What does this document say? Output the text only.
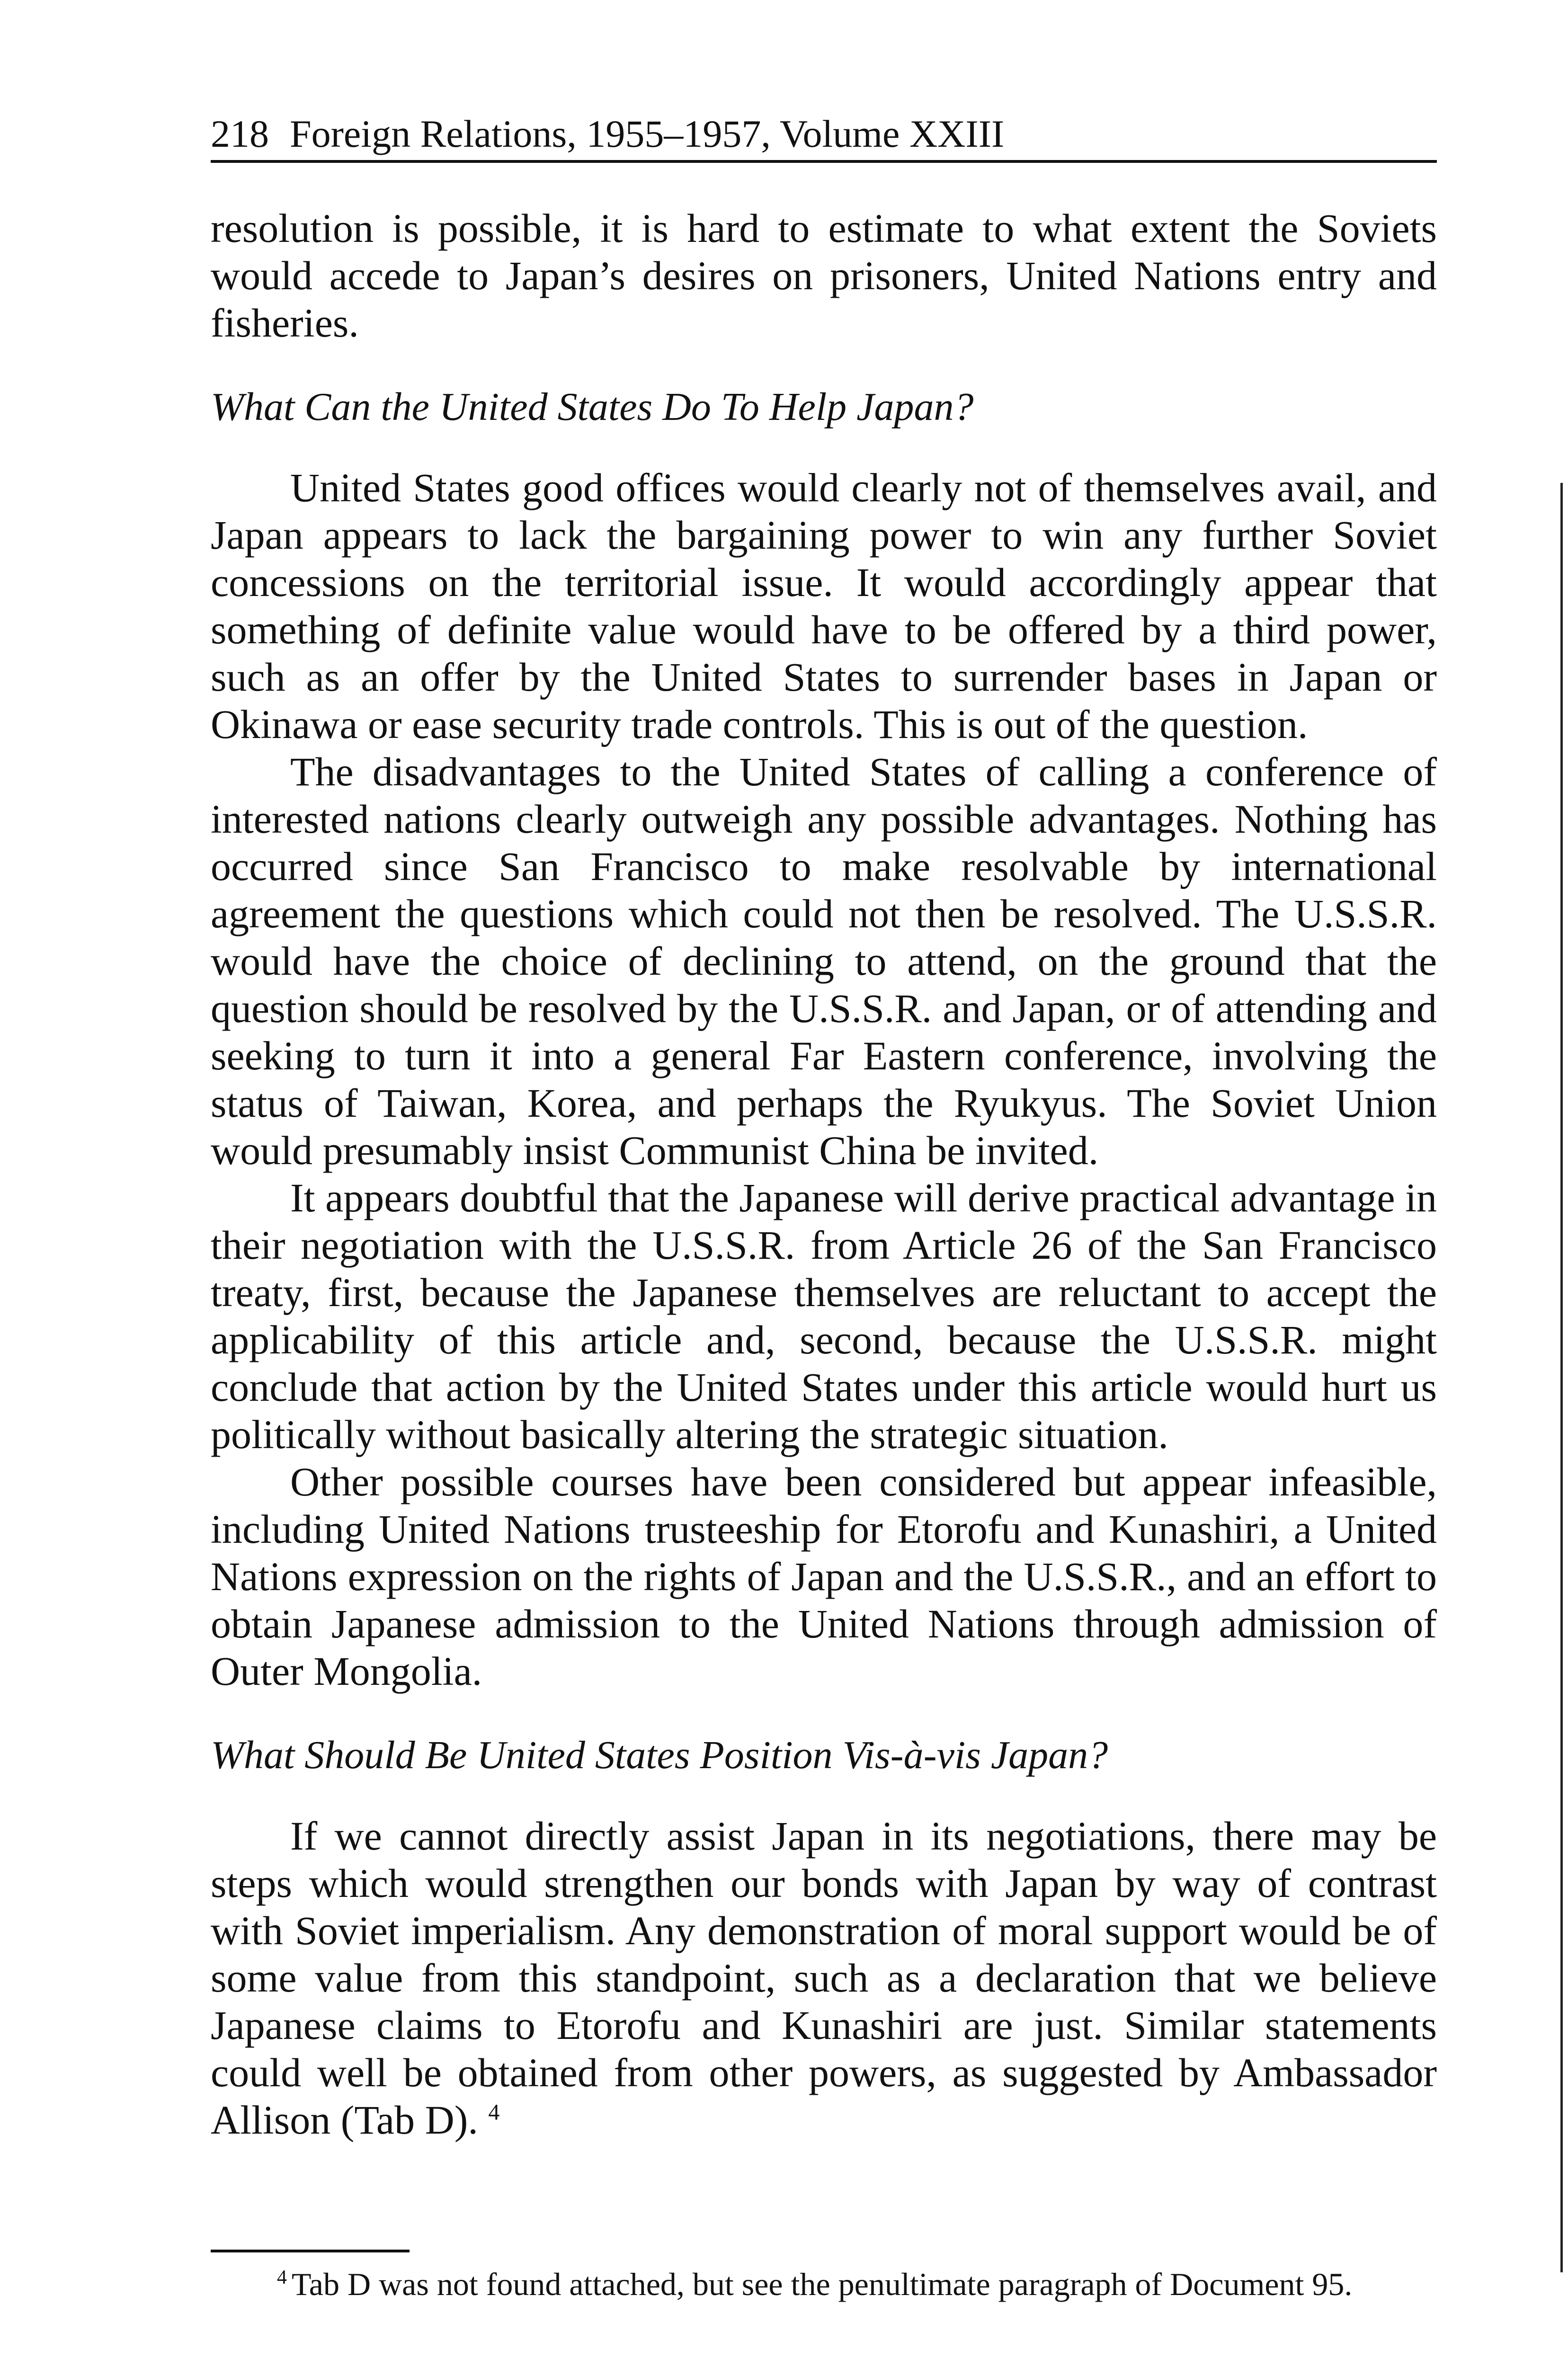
218 Foreign Relations, 1955–1957, Volume XXIII

resolution is possible, it is hard to estimate to what extent the Soviets would accede to Japan’s desires on prisoners, United Nations entry and fisheries.

What Can the United States Do To Help Japan?

United States good offices would clearly not of themselves avail, and Japan appears to lack the bargaining power to win any further Soviet concessions on the territorial issue. It would accordingly appear that something of definite value would have to be offered by a third power, such as an offer by the United States to surrender bases in Japan or Okinawa or ease security trade controls. This is out of the question.

The disadvantages to the United States of calling a conference of interested nations clearly outweigh any possible advantages. Nothing has occurred since San Francisco to make resolvable by international agreement the questions which could not then be resolved. The U.S.S.R. would have the choice of declining to attend, on the ground that the question should be resolved by the U.S.S.R. and Japan, or of attending and seeking to turn it into a general Far Eastern conference, involving the status of Taiwan, Korea, and perhaps the Ryukyus. The Soviet Union would presumably insist Communist China be invited.

It appears doubtful that the Japanese will derive practical advantage in their negotiation with the U.S.S.R. from Article 26 of the San Francisco treaty, first, because the Japanese themselves are reluctant to accept the applicability of this article and, second, because the U.S.S.R. might conclude that action by the United States under this article would hurt us politically without basically altering the strategic situation.

Other possible courses have been considered but appear infeasible, including United Nations trusteeship for Etorofu and Kunashiri, a United Nations expression on the rights of Japan and the U.S.S.R., and an effort to obtain Japanese admission to the United Nations through admission of Outer Mongolia.

What Should Be United States Position Vis-à-vis Japan?

If we cannot directly assist Japan in its negotiations, there may be steps which would strengthen our bonds with Japan by way of contrast with Soviet imperialism. Any demonstration of moral support would be of some value from this standpoint, such as a declaration that we believe Japanese claims to Etorofu and Kunashiri are just. Similar statements could well be obtained from other powers, as suggested by Ambassador Allison (Tab D). $^4$

$^4$ Tab D was not found attached, but see the penultimate paragraph of Document 95.
